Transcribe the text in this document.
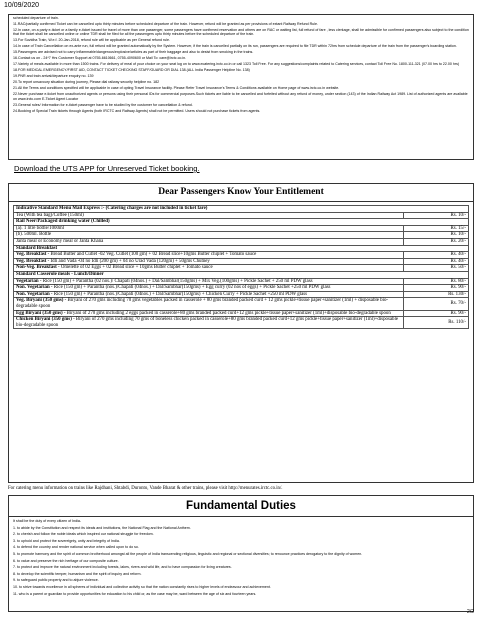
10/09/2020

scheduled departure of train.

11.RAC/partially confirmed Ticket can be cancelled upto thirty minutes before scheduled departure of the train. However, refund will be granted as per provisions of extant Railway Refund Rule.

12.In case, on a party e-ticket or a family e-ticket issued for travel of more than one passenger, some passengers have confirmed reservation and others are on RAC or waiting list, full refund of fare , less clerkage, shall be admissible for confirmed passengers also subject to the condition that the ticket shall be cancelled online or online TDR shall be filed for all the passengers upto thirty minutes before the scheduled departure of the train.

13.For Suvidha Train, W.e.f. 20-Jan-2018, refund rule will be applicable as per General refund rule.

14.In case of Train Cancellation on ex-ante run, full refund will be granted automatically by the System. However, if the train is cancelled partially on its run, passengers are required to file TDR within 72hrs from schedule departure of the train from the passenger's boarding station.

15.Passengers are advised not to carry inflammable/dangerous/explosive/articles as part of their baggage and also to desist from smoking in the trains.

16.Contact us on - 24*7 Hrs Customer Support at 0755-6610661, 0755-4090600 or Mail To: care@irctc.co.in.

17.Variety of meals available in more than 1500 trains. For delivery of meal of your choice on your seat log on to www.ecatering.irctc.co.in or call 1323 Toll Free. For any suggestions/complaints related to Catering services, contact Toll Free No. 1800-111-321 (07.00 hrs to 22.00 hrs)

18.FOR MEDICAL EMERGENCY/FIRST AID, CONTACT TICKET CHECKING STAFF/GUARD OR DIAL 138.(ALL India Passenger Helpline No. 138)

19.PNR and train arrival/departure enquiry no. 139

20.To report unsavoury situation during journey, Please dial railway security helpline no. 182

21.All the Terms and conditions specified will be applicable in case of opting Travel Insurance facility. Please Refer Travel Insurance's Terms & Conditions available on Home page of www.irctc.co.in website.

22.Never purchase e-ticket from unauthorized agents or persons using their personal IDs for commercial purposes.Such tickets are liable to be cancelled and forfeited without any refund of money, under section (143) of the Indian Railway Act 1989. List of authorized agents are available on www.irctc.com E-Ticket Agent Locator

23.General rules/ Information for e-ticket passenger have to be studied by the customer for cancellation & refund.

24.Booking of Special Train tickets through Agents (both IRCTC and Railway Agents) shall not be permitted. Users should not purchase tickets from agents.

Download the UTS APP for Unreserved Ticket booking.
Dear Passengers Know Your Entitlement
Indicative Standard Menu Mail Express :- (Catering charges are not included in ticket fare)	
Tea (With tea bag)/Coffee (150ml)	Rs. 10/-
Rail Neer/Packaged drinking water (Chilled)	
(a). 1 litre bottle/1000ml	Rs. 15/-
(b). 500ml. Bottle	Rs. 10/-
Janta meal or Economy meal or Janta Khana	Rs. 20/-
Standard Breakfast	
Veg. Breakfast - Bread Butter and Cutlet -02 Veg. Cutlet (100 gm) + 02 Bread slice+10gms Butter chiplet + Tomato sauce	Rs. 40/-
Veg. Breakfast - Idli and Vada -04 no Idli (200 gm) + 04 no Urad Vada (120gm) + 50gms Chutney	Rs. 40/-
Non-Veg. Breakfast - Omelette of 02 Eggs + 02 Bread slice + 10gms Butter chiplet + Tomato sauce	Rs. 50/-
Standard Casserole meals - Lunch/Dinner	
Vegetarian - Rice (150 gm) + Parantha (02 nos.)/ Chapati (04nos.) + Dal/Sambhar(150gms) + Mix Veg.(100gms) + Pickle Sachet + 250 ml PDW glass	Rs. 80/-
Non. Vegetarian - Rice (150 gm) + Parantha (nos.)/Chapati (04nos.) + Dal/Sambhar(150gms) + Egg curry (02 nos of eggs) + Pickle Sachet +250 ml PDW glass	Rs. 90/-
Non. Vegetarian - Rice (150 gm) + Parantha (nos.)/Chapati (04nos.) + Dal/Sambhar(150gms) + Chicken Curry + Pickle Sachet +250 ml PDW glass	Rs. 130/-
Veg. Biryani (350 gms) - Biryani of 270 gms including 70 gms vegetables packed in casserole + 80 gms branded packed curd + 12 gms pickle+tissue paper+sanitizer (1ml) + disposable bio-degradable spoon	Rs. 70/-
Egg Biryani (350 gms) - Biryani of 270 gms including 2 eggs packed in casserole+80 gms branded packed curd+12 gms pickle+tissue paper+sanitizer (1ml)+disposable bio-degradable spoon	Rs. 90/-
Chicken Biryani (350 gms) - Biryani of 270 gms including 70 gms of boneless chicken packed in casserole+80 gms branded packed curd+12 gms pickle+tissue paper+sanitizer (1ml)+disposable bio-degradable spoon	Rs. 110/-
For catering menu information on trains like Rajdhani, Shtabdi, Duronto, Vande Bharat & other trains, please visit http://menurates.irctc.co.in/.
Fundamental Duties

It shall be the duty of every citizen of India-

1. to abide by the Constitution and respect its ideals and institutions, the National Flag and the National Anthem.

2. to cherish and follow the noble ideals which inspired our national struggle for freedom.

3. to uphold and protect the sovereignty, unity and integrity of India.

4. to defend the country and render national service when called upon to do so.

5. to promote harmony and the spirit of common brotherhood amongst all the people of India transcending religious, linguistic and regional or sectional diversities; to renounce practices derogatory to the dignity of women.

6. to value and preserve the rich heritage of our composite culture.

7. to protect and improve the natural environment including forests, lakes, rivers and wild life, and to have compassion for living creatures.

8. to develop the scientific temper, humanism and the spirit of inquiry and reform.

9. to safeguard public property and to abjure violence.

10. to strive towards excellence in all spheres of individual and collective activity so that the nation constantly rises to higher levels of endeavour and achievement.

11. who is a parent or guardian to provide opportunities for education to his child or, as the case may be, ward between the age of six and fourteen years.

2/2
